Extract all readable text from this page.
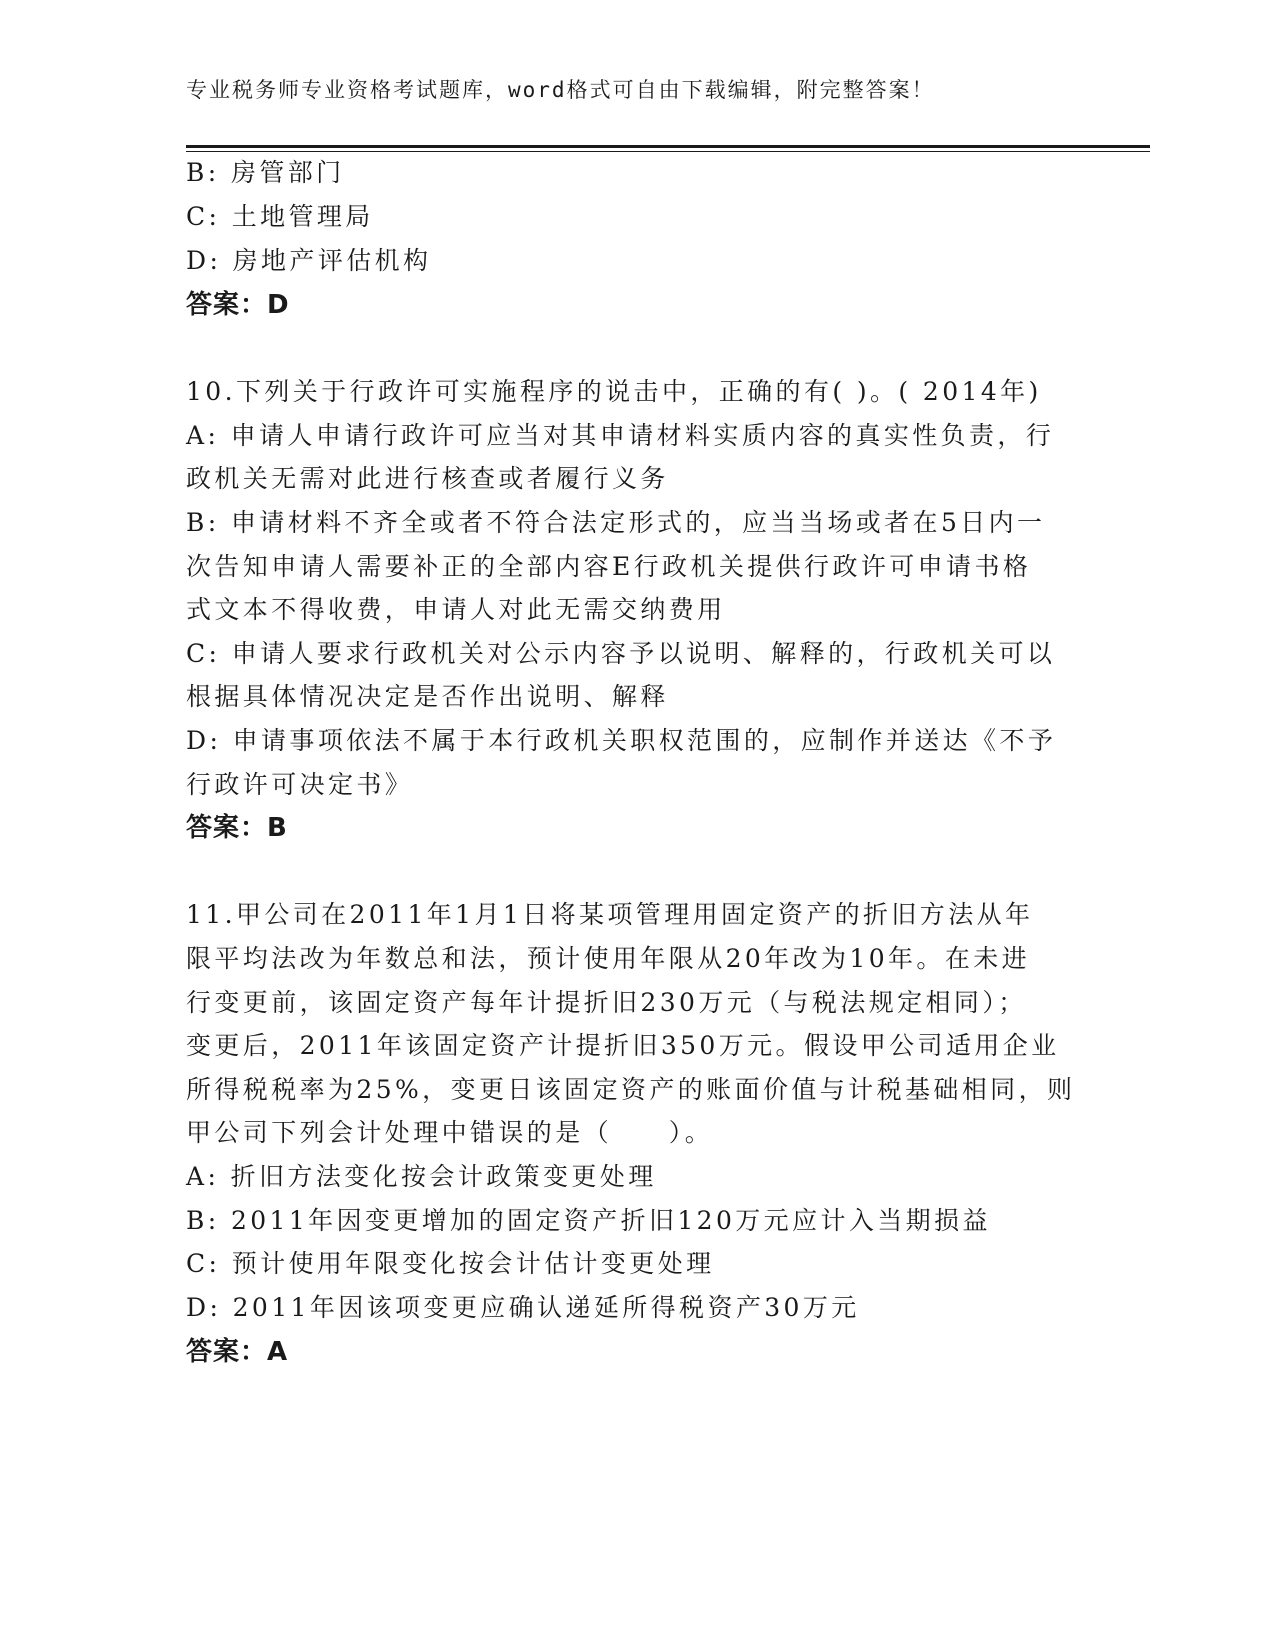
专业税务师专业资格考试题库，word格式可自由下载编辑，附完整答案！
B: 房管部门
C: 土地管理局
D: 房地产评估机构
答案：D
10.下列关于行政许可实施程序的说击中，正确的有( )。( 2014年)
A: 申请人申请行政许可应当对其申请材料实质内容的真实性负责，行
政机关无需对此进行核查或者履行义务
B: 申请材料不齐全或者不符合法定形式的，应当当场或者在5日内一
次告知申请人需要补正的全部内容E行政机关提供行政许可申请书格
式文本不得收费，申请人对此无需交纳费用
C: 申请人要求行政机关对公示内容予以说明、解释的，行政机关可以
根据具体情况决定是否作出说明、解释
D: 申请事项依法不属于本行政机关职权范围的，应制作并送达《不予
行政许可决定书》
答案：B
11.甲公司在2011年1月1日将某项管理用固定资产的折旧方法从年
限平均法改为年数总和法，预计使用年限从20年改为10年。在未进
行变更前，该固定资产每年计提折旧230万元（与税法规定相同）；
变更后，2011年该固定资产计提折旧350万元。假设甲公司适用企业
所得税税率为25%，变更日该固定资产的账面价值与计税基础相同，则
甲公司下列会计处理中错误的是（　　）。
A: 折旧方法变化按会计政策变更处理
B: 2011年因变更增加的固定资产折旧120万元应计入当期损益
C: 预计使用年限变化按会计估计变更处理
D: 2011年因该项变更应确认递延所得税资产30万元
答案：A
